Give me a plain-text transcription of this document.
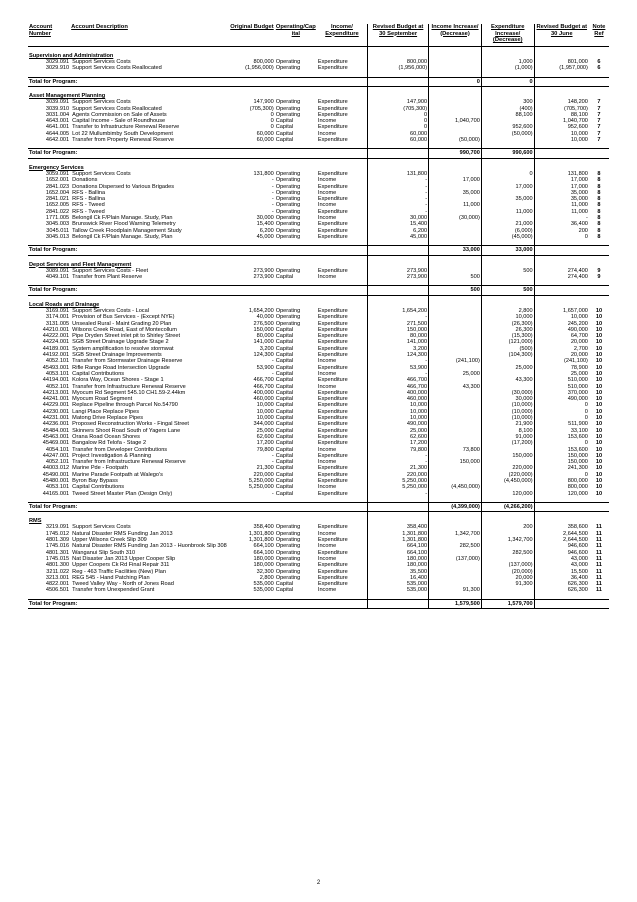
Account Number	Account Description	Original Budget	Operating/Capital	Income/ Expenditure	Revised Budget at 30 September	Income Increase/ (Decrease)	Expenditure Increase/ (Decrease)	Revised Budget at 30 June	Note Ref

Supervision and Administration									
3029.091	Support Services Costs	800,000	Operating	Expenditure	800,000		1,000	801,000	6
3029.910	Support Services Costs Reallocated	(1,956,000)	Operating	Expenditure	(1,956,000)		(1,000)	(1,957,000)	6

Total for Program:						0	0		

Asset Management Planning									
3039.091	Support Services Costs	147,900	Operating	Expenditure	147,900		300	148,200	7
3039.910	Support Services Costs Reallocated	(705,300)	Operating	Expenditure	(705,300)		(400)	(705,700)	7
3031.004	Agents Commission on Sale of Assets	0	Operating	Expenditure	0		88,100	88,100	7
4643.001	Capital Income - Sale of Roundhouse	0	Capital	Income	0	1,040,700		1,040,700	7
4641.001	Transfer to Infrastructure Renewal Reserve	0	Capital	Expenditure	0		952,600	952,600	7
4644.005	Lot 22 Mullumbimby South Development	60,000	Capital	Income	60,000		(50,000)	10,000	7
4642.001	Transfer from Property Renewal Reserve	60,000	Capital	Expenditure	60,000	(50,000)		10,000	7

Total for Program:						990,700	990,600		

Emergency Services									
3059.091	Support Services Costs	131,800	Operating	Expenditure	131,800		0	131,800	8
1652.001	Donations	-	Operating	Income	-	17,000		17,000	8
2841.023	Donations Dispersed to Various Brigades	-	Operating	Expenditure	-		17,000	17,000	8
1652.004	RFS - Ballina	-	Operating	Income	-	35,000		35,000	8
2841.021	RFS - Ballina	-	Operating	Expenditure	-		35,000	35,000	8
1652.005	RFS - Tweed	-	Operating	Income	-	11,000		11,000	8
2841.022	RFS - Tweed	-	Operating	Expenditure	-		11,000	11,000	8
1771.005	Belongil Ck F/Plain Manage. Study, Plan	30,000	Operating	Income	30,000	(30,000)		-	8
3045.003	Brunswick River Flood Warning Telemetry	15,400	Operating	Expenditure	15,400		21,000	36,400	8
3045.011	Tallow Creek Floodplain Management Study	6,200	Operating	Expenditure	6,200		(6,000)	200	8
3045.013	Belongil Ck F/Plain Manage. Study, Plan	45,000	Operating	Expenditure	45,000		(45,000)	0	8

Total for Program:						33,000	33,000		

Depot Services and Fleet Management									
3089.091	Support Services Costs - Fleet	273,900	Operating	Expenditure	273,900		500	274,400	9
4049.101	Transfer from Plant Reserve	273,900	Capital	Income	273,900	500		274,400	9

Total for Program:						500	500		

Local Roads and Drainage									
3169.091	Support Services Costs - Local	1,654,200	Operating	Expenditure	1,654,200		2,800	1,657,000	10
3174.001	Provision of Bus Services - (Except NYE)	40,000	Operating	Expenditure	-		10,000	10,000	10
3131.005	Unsealed Rural - Maint Grading 20 Plan	276,500	Operating	Expenditure	271,500		(26,300)	245,200	10
44210.001	Wilsons Creek Road, East of Montecollum	150,000	Capital	Expenditure	150,000		26,300	490,000	10
44222.001	Pipe Dryden Street inlet pit to Shirley Street	80,000	Capital	Expenditure	80,000		(15,300)	64,700	10
44224.001	SGB Street Drainage Upgrade Stage 2	141,000	Capital	Expenditure	141,000		(121,000)	20,000	10
44189.001	System amplification to resolve stormwat	3,200	Capital	Expenditure	3,200		(500)	2,700	10
44192.001	SGB Street Drainage Improvements	124,300	Capital	Expenditure	124,300		(104,300)	20,000	10
4052.101	Transfer from Stormwater Drainage Reserve	-	Capital	Income	-	(241,100)		(241,100)	10
45493.001	Rifle Range Road Intersection Upgrade	53,900	Capital	Expenditure	53,900		25,000	78,900	10
4053.101	Capital Contributions	-	Capital	Income	-	25,000		25,000	10
44194.001	Kolora Way, Ocean Shores - Stage 1	466,700	Capital	Expenditure	466,700		43,300	510,000	10
4052.101	Transfer from Infrastructure Renewal Reserve	466,700	Capital	Income	466,700	43,300		510,000	10
44213.001	Myocum Rd Segment 545.10 CH1.59-2.44km	400,000	Capital	Expenditure	400,000		(30,000)	370,000	10
44241.001	Myocum Road Segment	460,000	Capital	Expenditure	460,000		30,000	490,000	10
44229.001	Replace Pipeline through Parcel No.54790	10,000	Capital	Expenditure	10,000		(10,000)	0	10
44230.001	Langi Place Replace Pipes	10,000	Capital	Expenditure	10,000		(10,000)	0	10
44231.001	Matong Drive Replace Pipes	10,000	Capital	Expenditure	10,000		(10,000)	0	10
44236.001	Proposed Reconstruction Works - Fingal Street	344,000	Capital	Expenditure	490,000		21,900	511,900	10
45484.001	Skinners Shoot Road South of Yagers Lane	25,000	Capital	Expenditure	25,000		8,100	33,100	10
45463.001	Orana Road Ocean Shores	62,600	Capital	Expenditure	62,600		91,000	153,600	10
45469.001	Bangalow Rd Telofa - Stage 2	17,200	Capital	Expenditure	17,200		(17,200)	0	10
4054.101	Transfer from Developer Contributions	79,800	Capital	Income	79,800	73,800		153,600	10
44247.001	Project Investigation & Planning	-	Capital	Expenditure	-		150,000	150,000	10
4052.101	Transfer from Infrastructure Renewal Reserve	-	Capital	Income	-	150,000		150,000	10
44003.012	Marine Pde - Footpath	21,300	Capital	Expenditure	21,300		220,000	241,300	10
45490.001	Marine Parade Footpath at Walego's	220,000	Capital	Expenditure	220,000		(220,000)	0	10
45480.001	Byron Bay Bypass	5,250,000	Capital	Expenditure	5,250,000		(4,450,000)	800,000	10
4053.101	Capital Contributions	5,250,000	Capital	Income	5,250,000	(4,450,000)		800,000	10
44165.001	Tweed Street Master Plan (Design Only)	-	Capital	Expenditure	-		120,000	120,000	10

Total for Program:						(4,399,000)	(4,266,200)		

RMS									
3219.091	Support Services Costs	358,400	Operating	Expenditure	358,400		200	358,600	11
1745.012	Natural Disaster RMS Funding Jan 2013	1,301,800	Operating	Income	1,301,800	1,342,700		2,644,500	11
4801.309	Upper Wilsons Creek Slip 309	1,301,800	Operating	Expenditure	1,301,800		1,342,700	2,644,500	11
1745.016	Natural Disaster RMS Funding Jan 2013 - Huonbrook Slip 308	664,100	Operating	Income	664,100	282,500		946,600	11
4801.301	Wanganui Slip South 310	664,100	Operating	Expenditure	664,100		282,500	946,600	11
1745.015	Nat Disaster Jan 2013 Upper Cooper Slip	180,000	Operating	Income	180,000	(137,000)		43,000	11
4801.300	Upper Coopers Ck Rd Final Repair 311	180,000	Operating	Expenditure	180,000		(137,000)	43,000	11
3211.022	Reg - 463 Traffic Facilities (New) Plan	32,300	Operating	Expenditure	35,500		(20,000)	15,500	11
3213.001	REG 545 - Hand Patching Plan	2,800	Operating	Expenditure	16,400		20,000	36,400	11
4822.001	Tweed Valley Way - North of Jones Road	535,000	Capital	Expenditure	535,000		91,300	626,300	11
4506.501	Transfer from Unexpended Grant	535,000	Capital	Income	535,000	91,300		626,300	11

Total for Program:						1,579,500	1,579,700		
2
